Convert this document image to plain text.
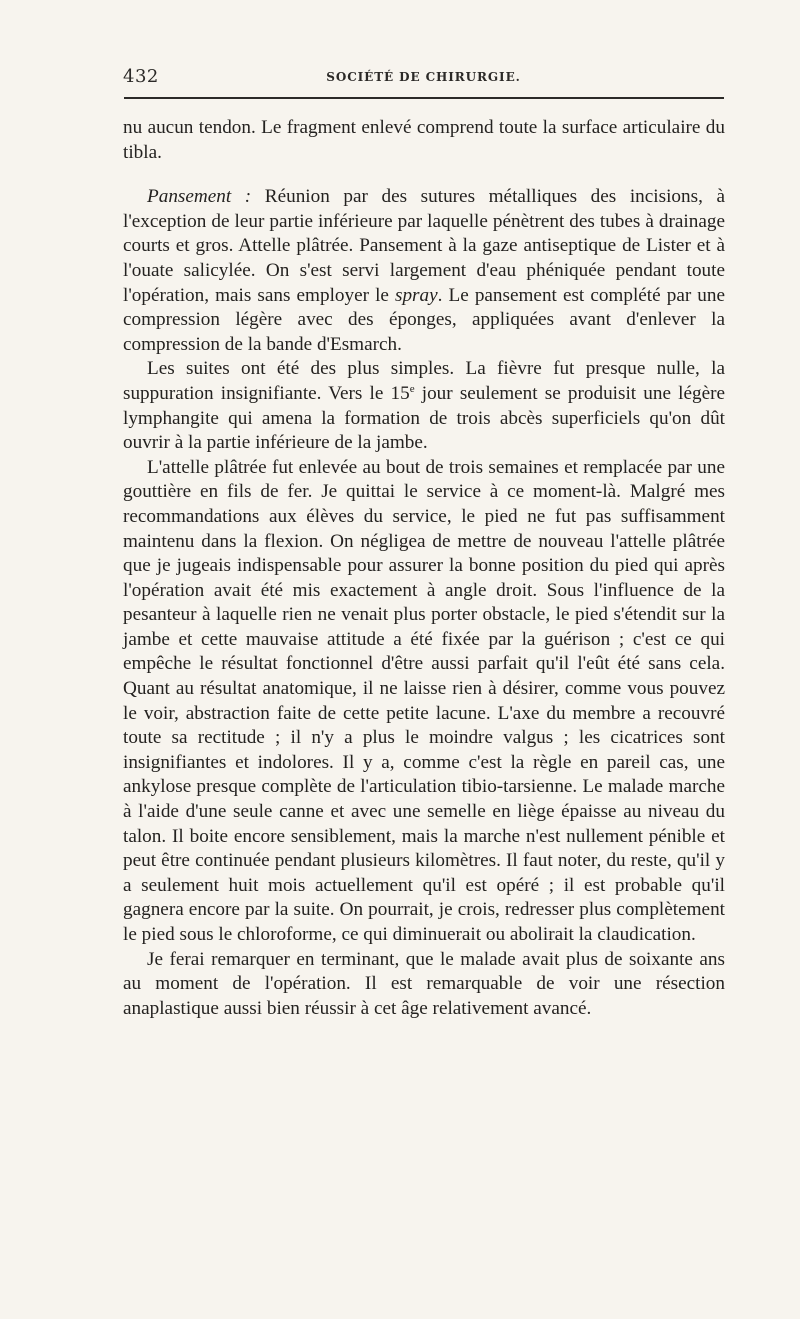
432	SOCIÉTÉ DE CHIRURGIE.

nu aucun tendon. Le fragment enlevé comprend toute la surface articulaire du tibla.

Pansement : Réunion par des sutures métalliques des incisions, à l'exception de leur partie inférieure par laquelle pénètrent des tubes à drainage courts et gros. Attelle plâtrée. Pansement à la gaze antiseptique de Lister et à l'ouate salicylée. On s'est servi largement d'eau phéniquée pendant toute l'opération, mais sans employer le spray. Le pansement est complété par une compression légère avec des éponges, appliquées avant d'enlever la compression de la bande d'Esmarch.

Les suites ont été des plus simples. La fièvre fut presque nulle, la suppuration insignifiante. Vers le 15e jour seulement se produisit une légère lymphangite qui amena la formation de trois abcès superficiels qu'on dût ouvrir à la partie inférieure de la jambe.

L'attelle plâtrée fut enlevée au bout de trois semaines et remplacée par une gouttière en fils de fer. Je quittai le service à ce moment-là. Malgré mes recommandations aux élèves du service, le pied ne fut pas suffisamment maintenu dans la flexion. On négligea de mettre de nouveau l'attelle plâtrée que je jugeais indispensable pour assurer la bonne position du pied qui après l'opération avait été mis exactement à angle droit. Sous l'influence de la pesanteur à laquelle rien ne venait plus porter obstacle, le pied s'étendit sur la jambe et cette mauvaise attitude a été fixée par la guérison ; c'est ce qui empêche le résultat fonctionnel d'être aussi parfait qu'il l'eût été sans cela. Quant au résultat anatomique, il ne laisse rien à désirer, comme vous pouvez le voir, abstraction faite de cette petite lacune. L'axe du membre a recouvré toute sa rectitude ; il n'y a plus le moindre valgus ; les cicatrices sont insignifiantes et indolores. Il y a, comme c'est la règle en pareil cas, une ankylose presque complète de l'articulation tibio-tarsienne. Le malade marche à l'aide d'une seule canne et avec une semelle en liège épaisse au niveau du talon. Il boite encore sensiblement, mais la marche n'est nullement pénible et peut être continuée pendant plusieurs kilomètres. Il faut noter, du reste, qu'il y a seulement huit mois actuellement qu'il est opéré ; il est probable qu'il gagnera encore par la suite. On pourrait, je crois, redresser plus complètement le pied sous le chloroforme, ce qui diminuerait ou abolirait la claudication.

Je ferai remarquer en terminant, que le malade avait plus de soixante ans au moment de l'opération. Il est remarquable de voir une résection anaplastique aussi bien réussir à cet âge relativement avancé.
